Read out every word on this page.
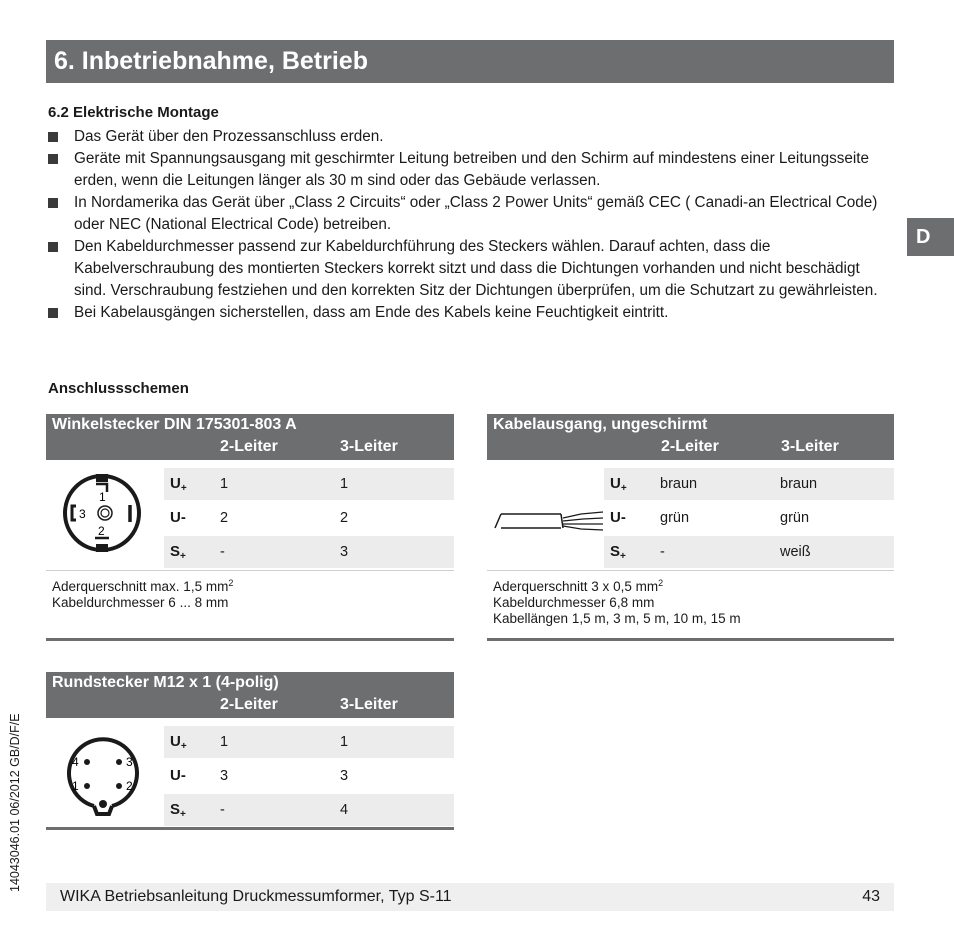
6. Inbetriebnahme, Betrieb
D
6.2 Elektrische Montage
Das Gerät über den Prozessanschluss erden.
Geräte mit Spannungsausgang mit geschirmter Leitung betreiben und den Schirm auf mindestens einer Leitungsseite erden, wenn die Leitungen länger als 30 m sind oder das Gebäude verlassen.
In Nordamerika das Gerät über „Class 2 Circuits“ oder „Class 2 Power Units“ gemäß CEC ( Canadi-an Electrical Code) oder NEC (National Electrical Code) betreiben.
Den Kabeldurchmesser passend zur Kabeldurchführung des Steckers wählen. Darauf achten, dass die Kabelverschraubung des montierten Steckers korrekt sitzt und dass die Dichtungen vorhanden und nicht beschädigt sind. Verschraubung festziehen und den korrekten Sitz der Dichtungen überprüfen, um die Schutzart zu gewährleisten.
Bei Kabelausgängen sicherstellen, dass am Ende des Kabels keine Feuchtigkeit eintritt.
Anschlussschemen
Winkelstecker DIN 175301-803 A
2-Leiter	3-Leiter
1
3
2
$U_+$ 1	1
U- 2	2
$S_+$ -	3
Aderquerschnitt max. 1,5 $mm^2$
Kabeldurchmesser 6 ... 8 mm
Kabelausgang, ungeschirmt
2-Leiter	3-Leiter
$U_+$ braun	braun
U- grün	grün
$S_+$ -	weiß
Aderquerschnitt 3 x 0,5 $mm^2$
Kabeldurchmesser 6,8 mm
Kabellängen 1,5 m, 3 m, 5 m, 10 m, 15 m
Rundstecker M12 x 1 (4-polig)
2-Leiter	3-Leiter
4	3
1	2
$U_+$ 1	1
U- 3	3
$S_+$ -	4
14043046.01 06/2012 GB/D/F/E
WIKA Betriebsanleitung Druckmessumformer, Typ S-11	43
